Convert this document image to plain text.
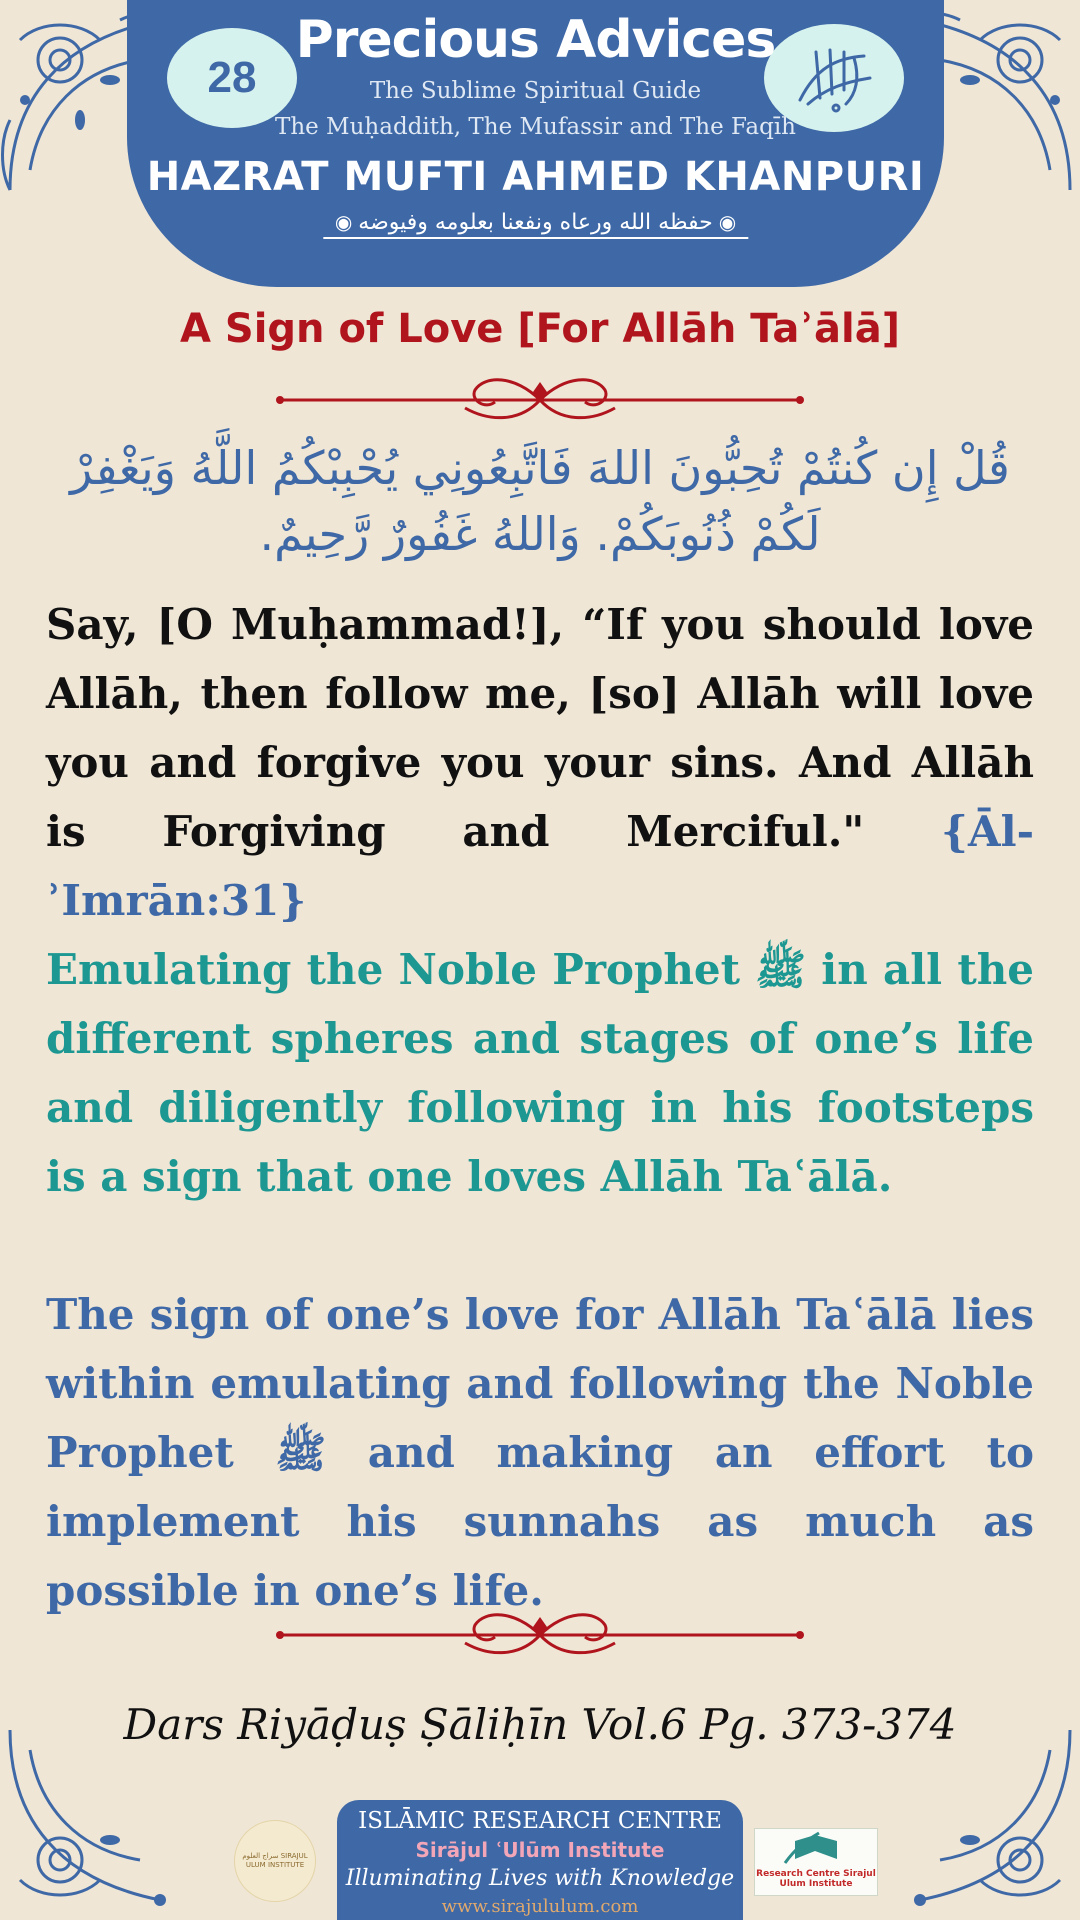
28
Precious Advices
The Sublime Spiritual Guide
The Muḥaddith, The Mufassir and The Faqīh
HAZRAT MUFTI AHMED KHANPURI
◉ حفظه الله ورعاه ونفعنا بعلومه وفيوضه ◉
A Sign of Love [For Allāh Taʾālā]
قُلْ إِن كُنتُمْ تُحِبُّونَ اللهَ فَاتَّبِعُونِي يُحْبِبْكُمُ اللَّهُ وَيَغْفِرْ لَكُمْ ذُنُوبَكُمْ. وَاللهُ غَفُورٌ رَّحِيمٌ.
Say, [O Muḥammad!], “If you should love Allāh, then follow me, [so] Allāh will love you and forgive you your sins. And Allāh is Forgiving and Merciful." {Āl-ʾImrān:31}
Emulating the Noble Prophet ﷺ in all the different spheres and stages of one’s life and diligently following in his footsteps is a sign that one loves Allāh Taʿālā.
The sign of one’s love for Allāh Taʿālā lies within emulating and following the Noble Prophet ﷺ and making an effort to implement his sunnahs as much as possible in one’s life.
Dars Riyāḍuṣ Ṣāliḥīn Vol.6 Pg. 373-374
سراج العلوم SIRAJUL ULUM INSTITUTE
ISLĀMIC RESEARCH CENTRE
Sirājul ʿUlūm Institute
Illuminating Lives with Knowledge
www.sirajululum.com
Research Centre Sirajul Ulum Institute
